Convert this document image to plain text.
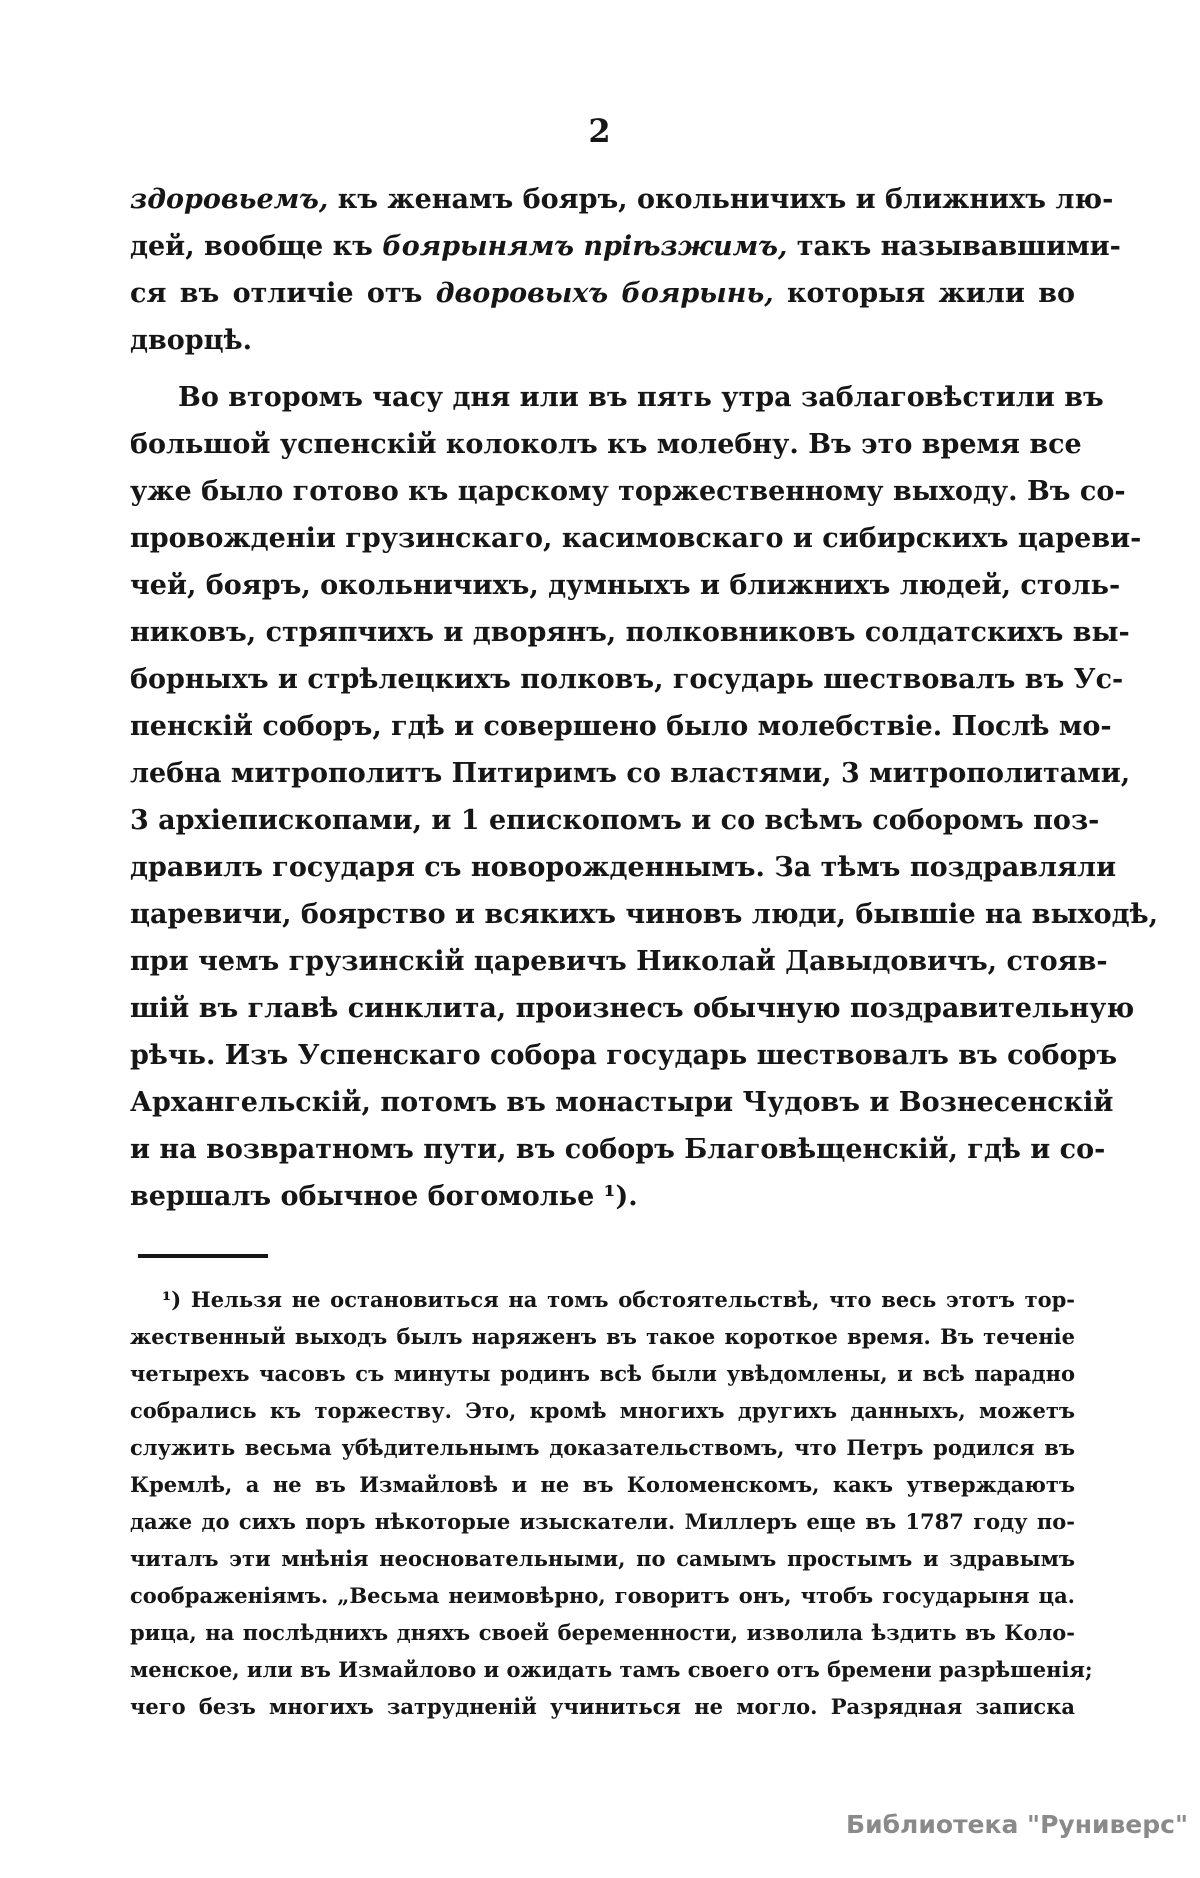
2
здоровьемъ, къ женамъ бояръ, окольничихъ и ближнихъ лю-
дей, вообще къ боярынямъ пріѣзжимъ, такъ называвшими-
ся въ отличіе отъ дворовыхъ боярынь, которыя жили во
дворцѣ.
Во второмъ часу дня или въ пять утра заблаговѣстили въ
большой успенскій колоколъ къ молебну. Въ это время все
уже было готово къ царскому торжественному выходу. Въ со-
провожденіи грузинскаго, касимовскаго и сибирскихъ цареви-
чей, бояръ, окольничихъ, думныхъ и ближнихъ людей, столь-
никовъ, стряпчихъ и дворянъ, полковниковъ солдатскихъ вы-
борныхъ и стрѣлецкихъ полковъ, государь шествовалъ въ Ус-
пенскій соборъ, гдѣ и совершено было молебствіе. Послѣ мо-
лебна митрополитъ Питиримъ со властями, 3 митрополитами,
3 архіепископами, и 1 епископомъ и со всѣмъ соборомъ поз-
дравилъ государя съ новорожденнымъ. За тѣмъ поздравляли
царевичи, боярство и всякихъ чиновъ люди, бывшіе на выходѣ,
при чемъ грузинскій царевичъ Николай Давыдовичъ, стояв-
шій въ главѣ синклита, произнесъ обычную поздравительную
рѣчь. Изъ Успенскаго собора государь шествовалъ въ соборъ
Архангельскій, потомъ въ монастыри Чудовъ и Вознесенскій
и на возвратномъ пути, въ соборъ Благовѣщенскій, гдѣ и со-
вершалъ обычное богомолье ¹).
¹) Нельзя не остановиться на томъ обстоятельствѣ, что весь этотъ тор-
жественный выходъ былъ наряженъ въ такое короткое время. Въ теченіе
четырехъ часовъ съ минуты родинъ всѣ были увѣдомлены, и всѣ парадно
собрались къ торжеству. Это, кромѣ многихъ другихъ данныхъ, можетъ
служить весьма убѣдительнымъ доказательствомъ, что Петръ родился въ
Кремлѣ, а не въ Измайловѣ и не въ Коломенскомъ, какъ утверждаютъ
даже до сихъ поръ нѣкоторые изыскатели. Миллеръ еще въ 1787 году по-
читалъ эти мнѣнія неосновательными, по самымъ простымъ и здравымъ
соображеніямъ. „Весьма неимовѣрно, говоритъ онъ, чтобъ государыня ца.
рица, на послѣднихъ дняхъ своей беременности, изволила ѣздить въ Коло-
менское, или въ Измайлово и ожидать тамъ своего отъ бремени разрѣшенія;
чего безъ многихъ затрудненій учиниться не могло. Разрядная записка
Библиотека "Руниверс"
